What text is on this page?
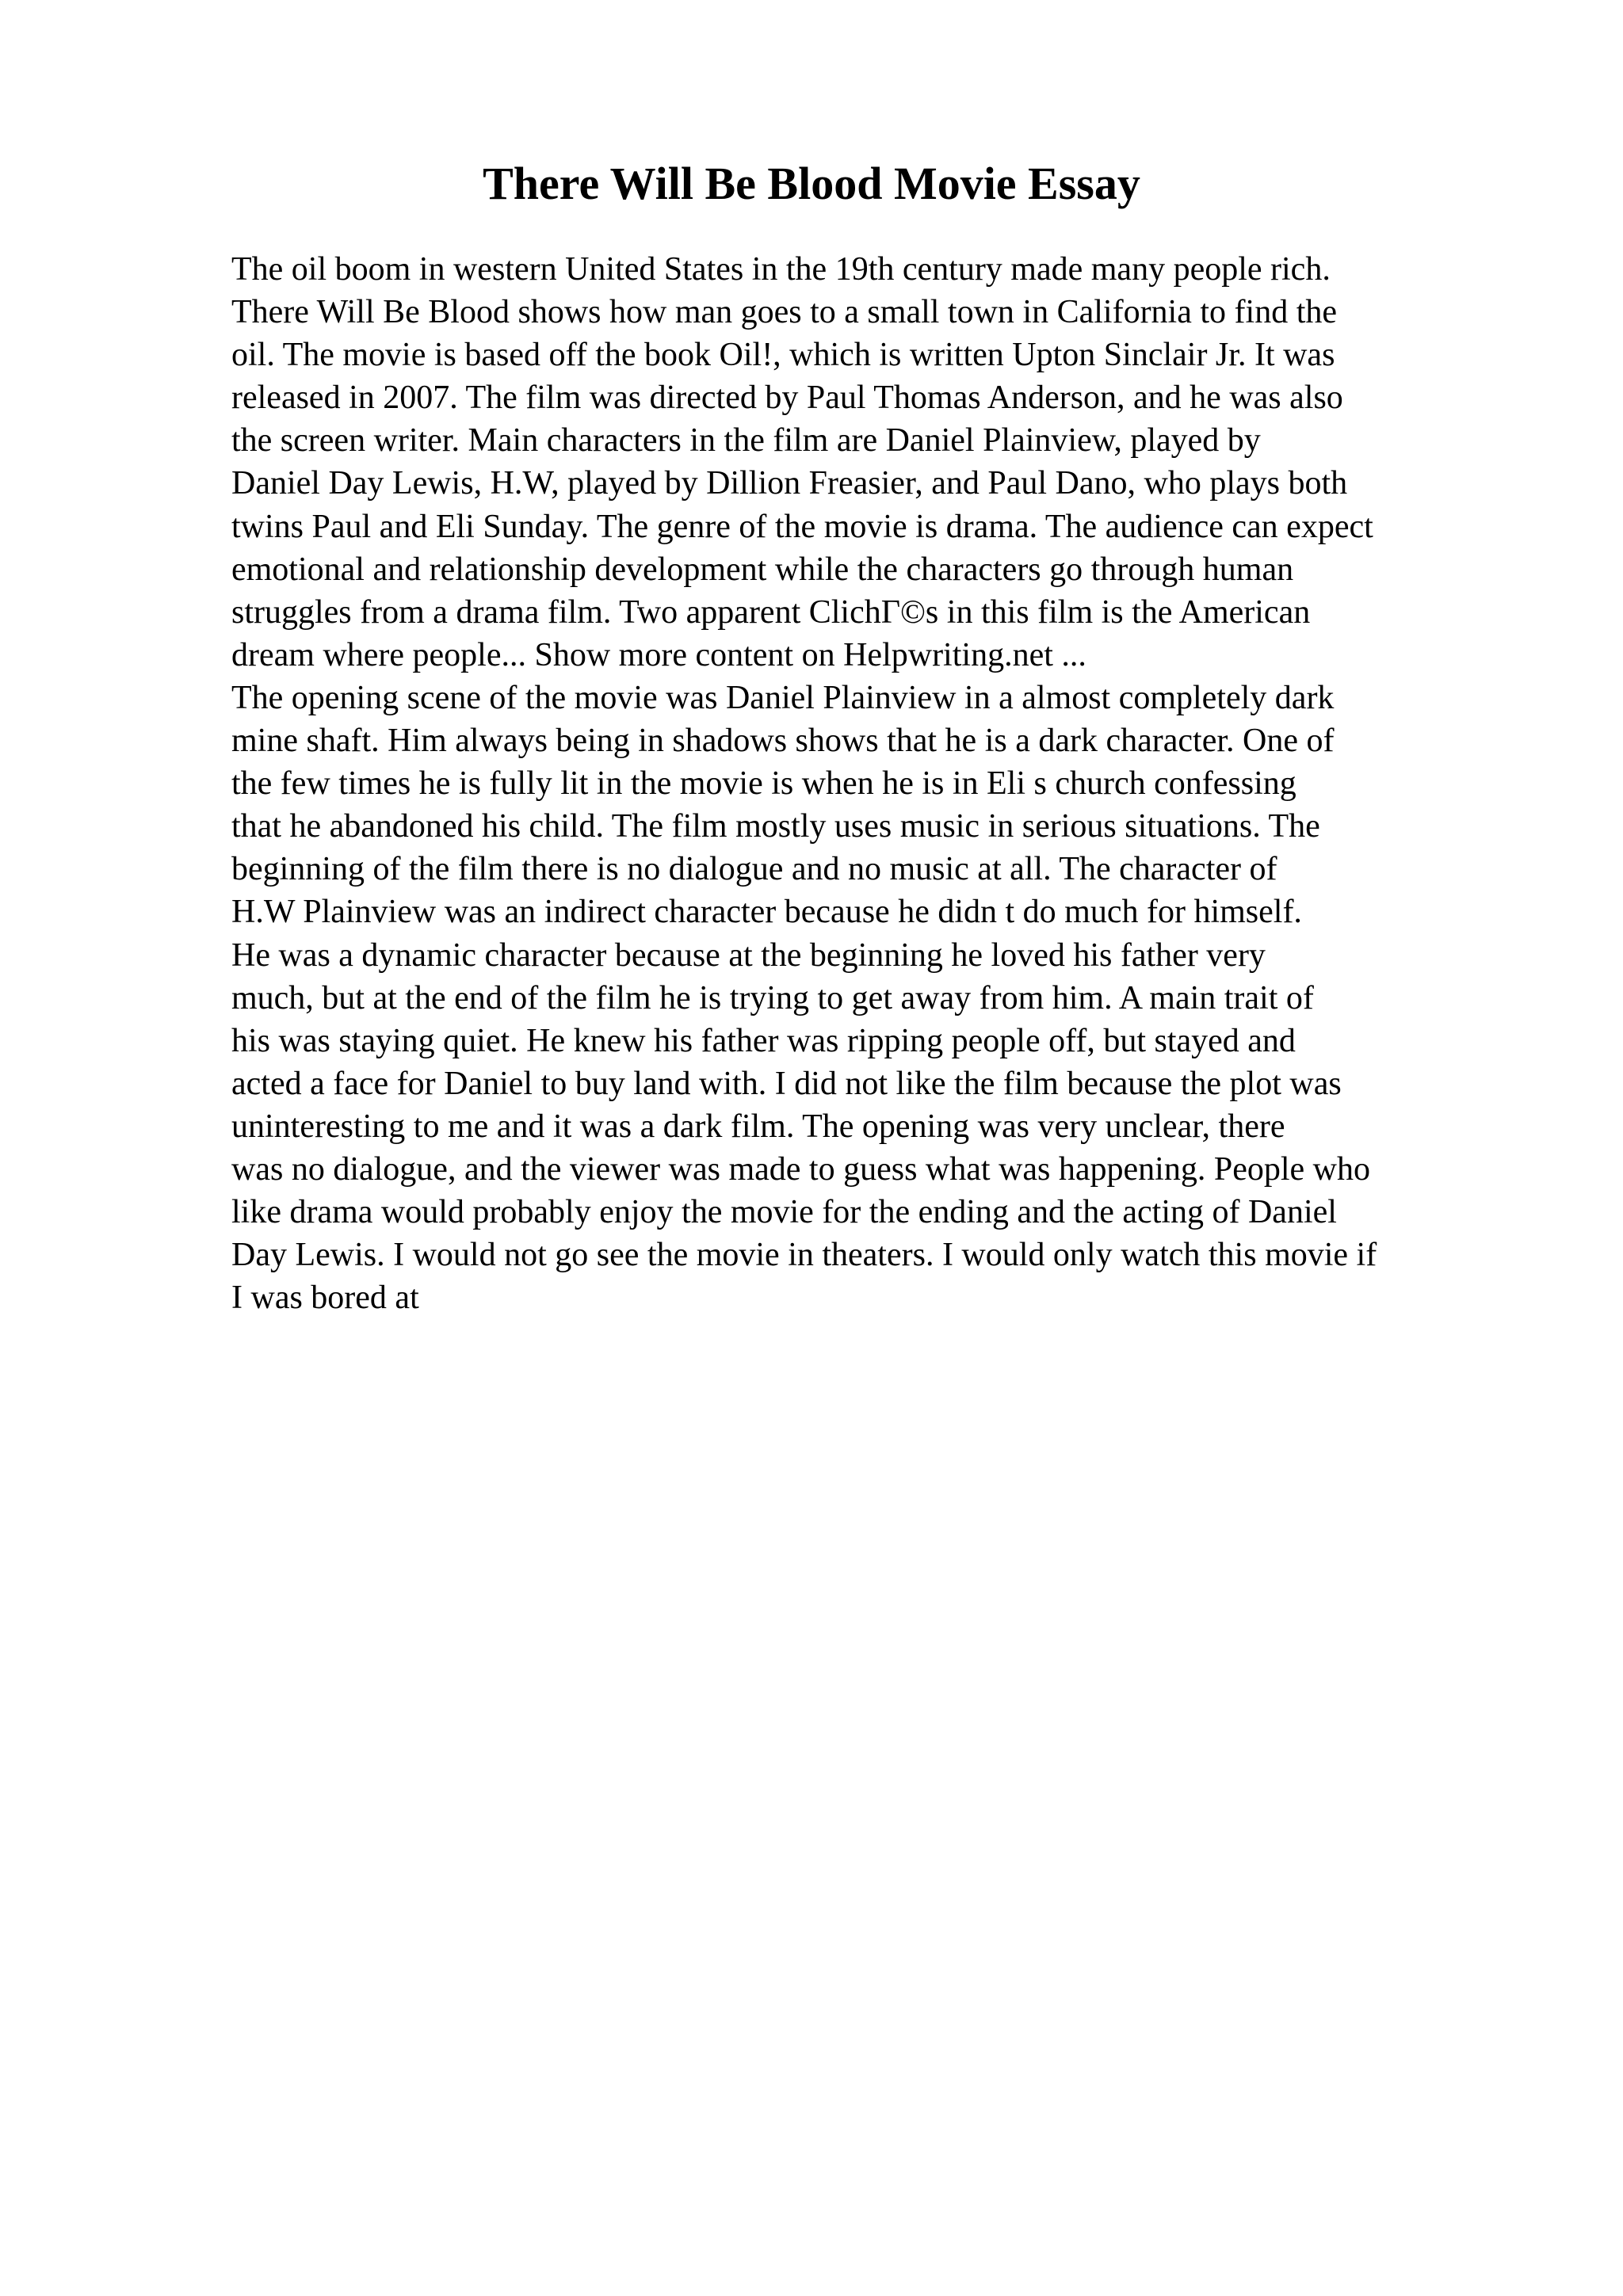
There Will Be Blood Movie Essay
The oil boom in western United States in the 19th century made many people rich.
There Will Be Blood shows how man goes to a small town in California to find the
oil. The movie is based off the book Oil!, which is written Upton Sinclair Jr. It was
released in 2007. The film was directed by Paul Thomas Anderson, and he was also
the screen writer. Main characters in the film are Daniel Plainview, played by
Daniel Day Lewis, H.W, played by Dillion Freasier, and Paul Dano, who plays both
twins Paul and Eli Sunday. The genre of the movie is drama. The audience can expect
emotional and relationship development while the characters go through human
struggles from a drama film. Two apparent ClichГ©s in this film is the American
dream where people... Show more content on Helpwriting.net ...
The opening scene of the movie was Daniel Plainview in a almost completely dark
mine shaft. Him always being in shadows shows that he is a dark character. One of
the few times he is fully lit in the movie is when he is in Eli s church confessing
that he abandoned his child. The film mostly uses music in serious situations. The
beginning of the film there is no dialogue and no music at all. The character of
H.W Plainview was an indirect character because he didn t do much for himself.
He was a dynamic character because at the beginning he loved his father very
much, but at the end of the film he is trying to get away from him. A main trait of
his was staying quiet. He knew his father was ripping people off, but stayed and
acted a face for Daniel to buy land with. I did not like the film because the plot was
uninteresting to me and it was a dark film. The opening was very unclear, there
was no dialogue, and the viewer was made to guess what was happening. People who
like drama would probably enjoy the movie for the ending and the acting of Daniel
Day Lewis. I would not go see the movie in theaters. I would only watch this movie if
I was bored at
